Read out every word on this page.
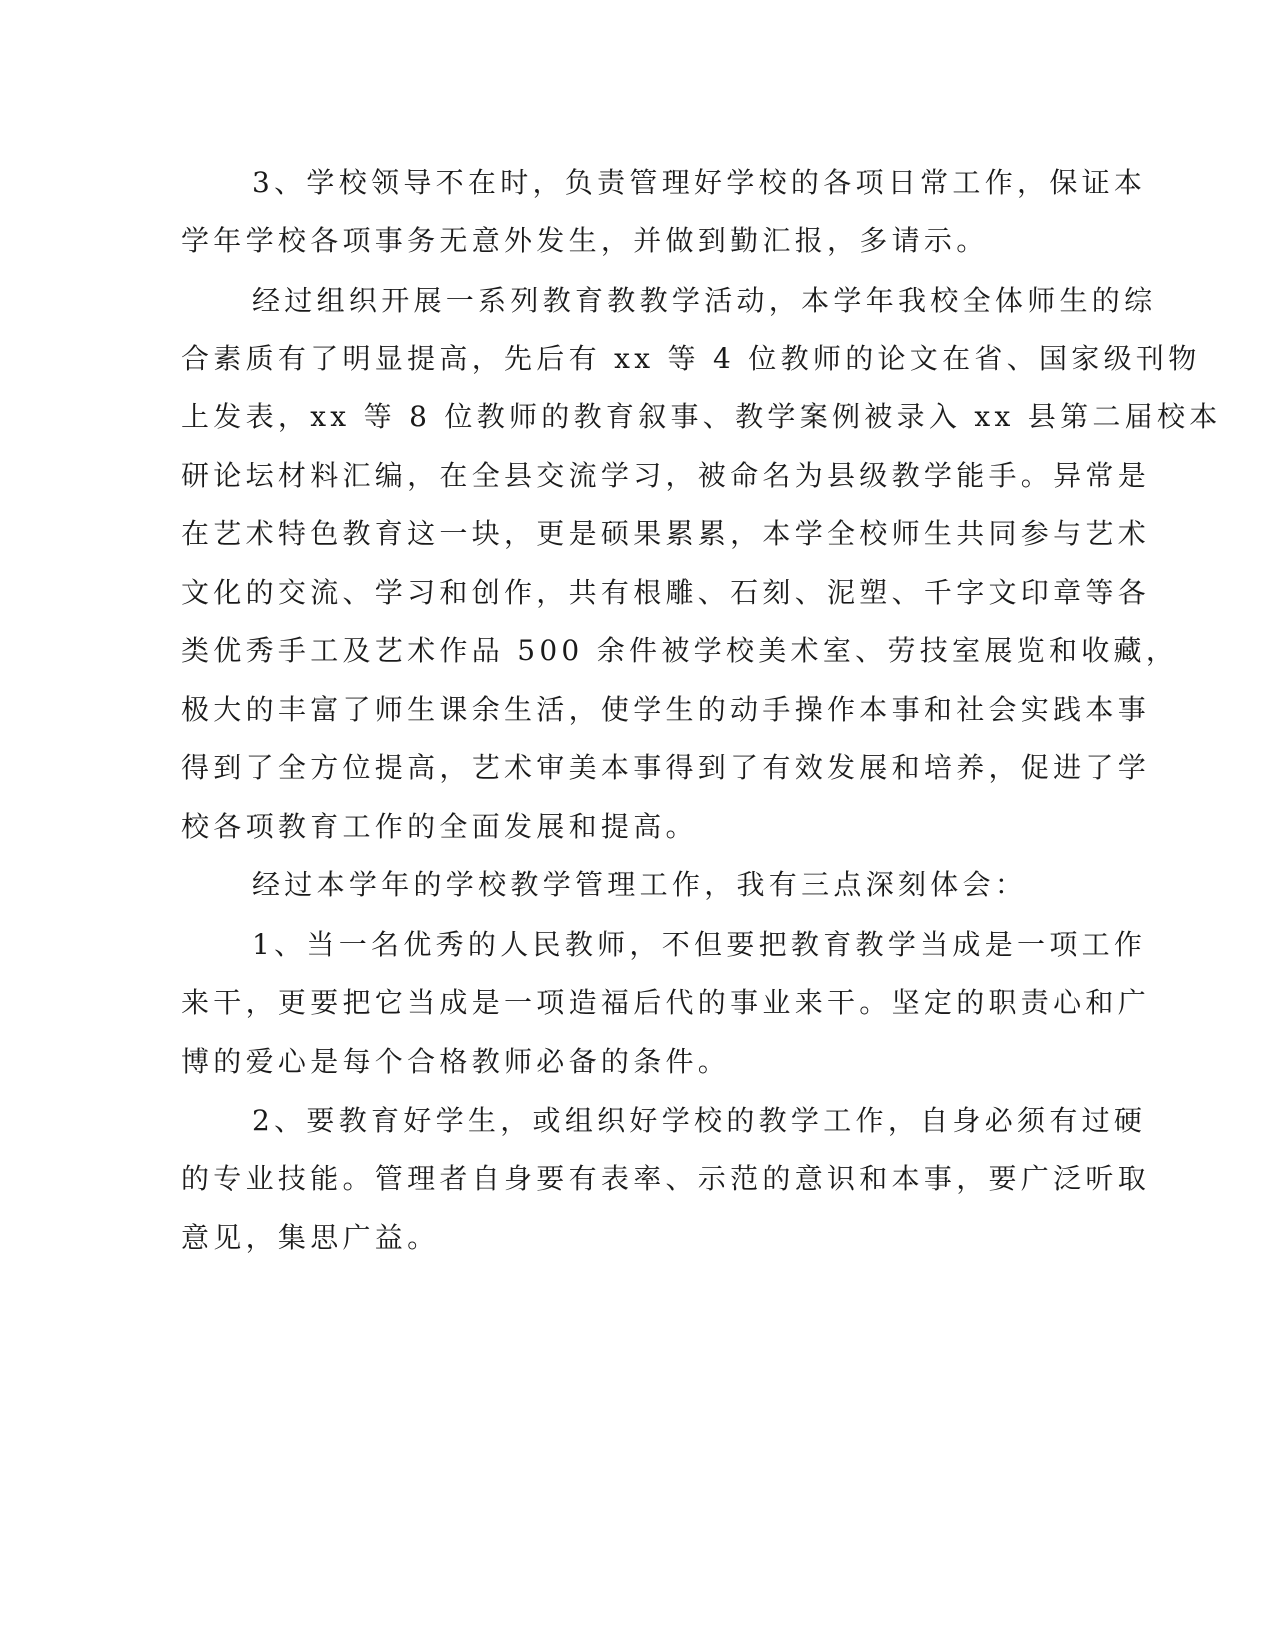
3、学校领导不在时，负责管理好学校的各项日常工作，保证本
学年学校各项事务无意外发生，并做到勤汇报，多请示。
经过组织开展一系列教育教教学活动，本学年我校全体师生的综
合素质有了明显提高，先后有 xx 等 4 位教师的论文在省、国家级刊物
上发表，xx 等 8 位教师的教育叙事、教学案例被录入 xx 县第二届校本
研论坛材料汇编，在全县交流学习，被命名为县级教学能手。异常是
在艺术特色教育这一块，更是硕果累累，本学全校师生共同参与艺术
文化的交流、学习和创作，共有根雕、石刻、泥塑、千字文印章等各
类优秀手工及艺术作品 500 余件被学校美术室、劳技室展览和收藏，
极大的丰富了师生课余生活，使学生的动手操作本事和社会实践本事
得到了全方位提高，艺术审美本事得到了有效发展和培养，促进了学
校各项教育工作的全面发展和提高。
经过本学年的学校教学管理工作，我有三点深刻体会：
1、当一名优秀的人民教师，不但要把教育教学当成是一项工作
来干，更要把它当成是一项造福后代的事业来干。坚定的职责心和广
博的爱心是每个合格教师必备的条件。
2、要教育好学生，或组织好学校的教学工作，自身必须有过硬
的专业技能。管理者自身要有表率、示范的意识和本事，要广泛听取
意见，集思广益。
